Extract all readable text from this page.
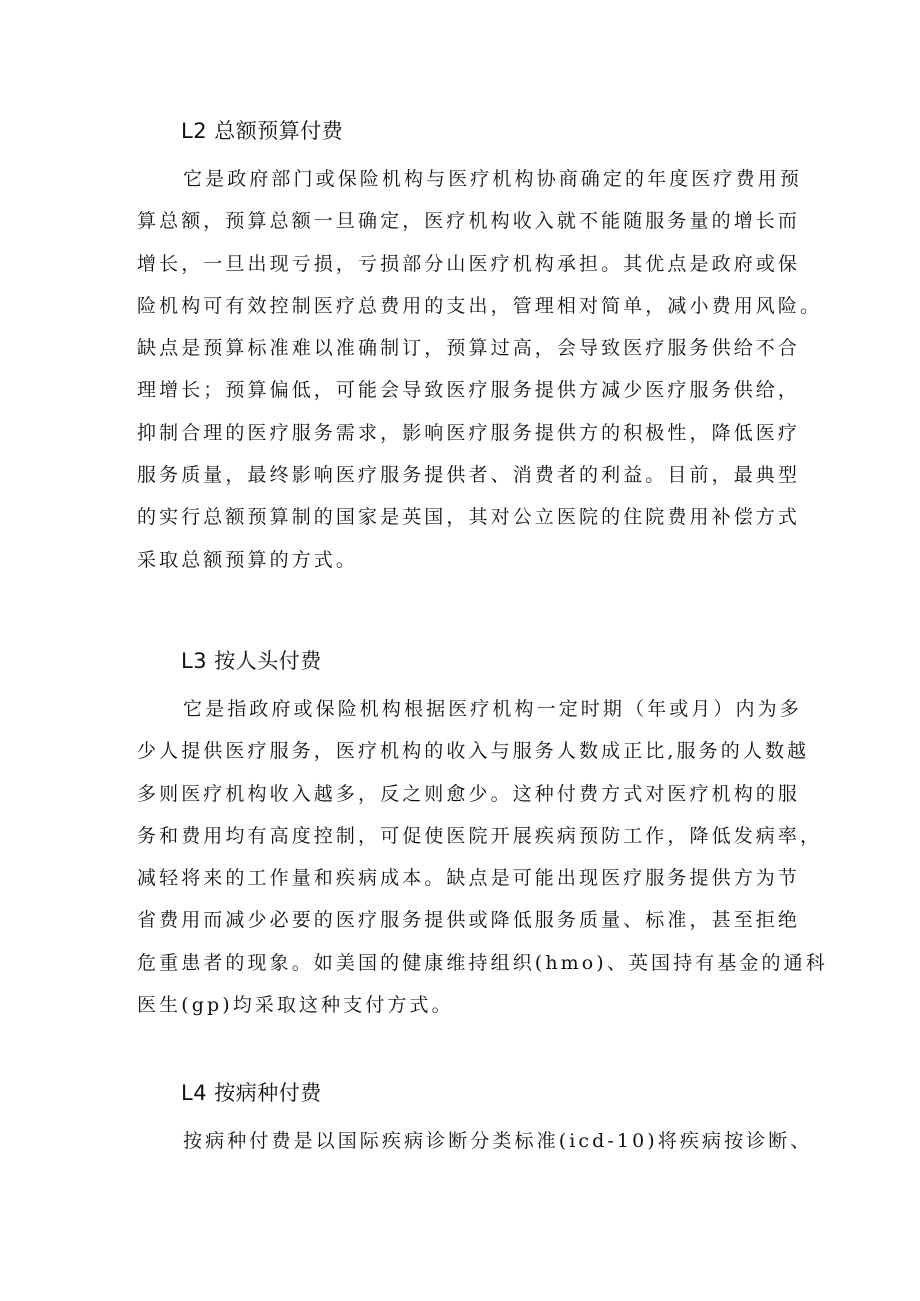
L2 总额预算付费
它是政府部门或保险机构与医疗机构协商确定的年度医疗费用预
算总额，预算总额一旦确定，医疗机构收入就不能随服务量的增长而
增长，一旦出现亏损，亏损部分山医疗机构承担。其优点是政府或保
险机构可有效控制医疗总费用的支出，管理相对简单，减小费用风险。
缺点是预算标准难以准确制订，预算过高，会导致医疗服务供给不合
理增长；预算偏低，可能会导致医疗服务提供方减少医疗服务供给，
抑制合理的医疗服务需求，影响医疗服务提供方的积极性，降低医疗
服务质量，最终影响医疗服务提供者、消费者的利益。目前，最典型
的实行总额预算制的国家是英国，其对公立医院的住院费用补偿方式
采取总额预算的方式。
L3 按人头付费
它是指政府或保险机构根据医疗机构一定时期（年或月）内为多
少人提供医疗服务，医疗机构的收入与服务人数成正比,服务的人数越
多则医疗机构收入越多，反之则愈少。这种付费方式对医疗机构的服
务和费用均有高度控制，可促使医院开展疾病预防工作，降低发病率，
减轻将来的工作量和疾病成本。缺点是可能出现医疗服务提供方为节
省费用而减少必要的医疗服务提供或降低服务质量、标准，甚至拒绝
危重患者的现象。如美国的健康维持组织(hmo)、英国持有基金的通科
医生(gp)均采取这种支付方式。
L4 按病种付费
按病种付费是以国际疾病诊断分类标准(icd-10)将疾病按诊断、
